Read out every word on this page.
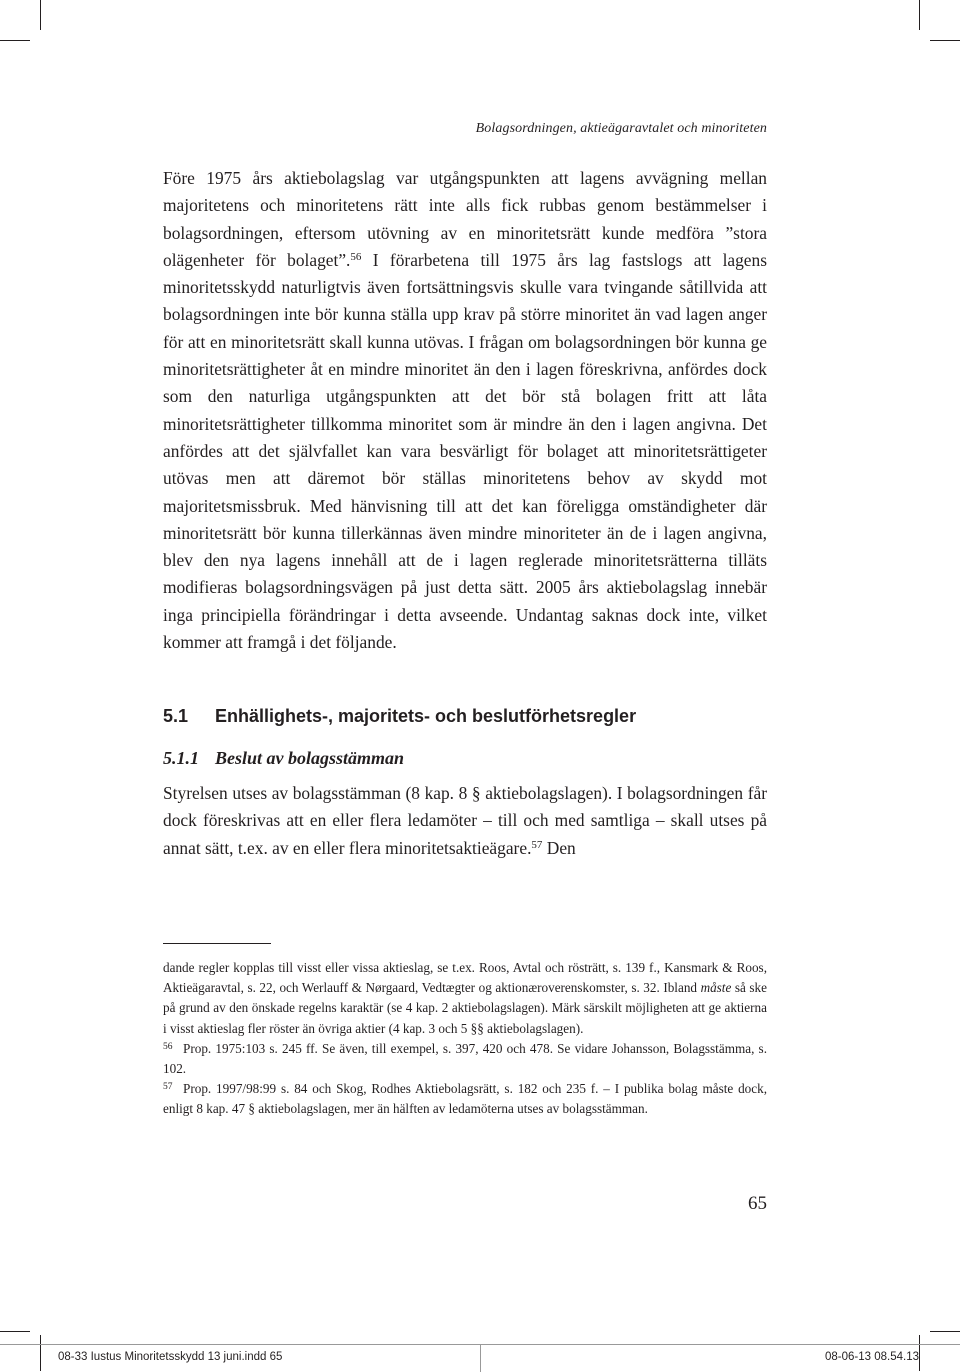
Bolagsordningen, aktieägaravtalet och minoriteten

Före 1975 års aktiebolagslag var utgångspunkten att lagens avvägning mellan majoritetens och minoritetens rätt inte alls fick rubbas genom bestämmelser i bolagsordningen, eftersom utövning av en minoritetsrätt kunde medföra ”stora olägenheter för bolaget”.$^{56}$ I förarbetena till 1975 års lag fastslogs att lagens minoritetsskydd naturligtvis även fortsättningsvis skulle vara tvingande såtillvida att bolagsordningen inte bör kunna ställa upp krav på större minoritet än vad lagen anger för att en minoritetsrätt skall kunna utövas. I frågan om bolagsordningen bör kunna ge minoritetsrättigheter åt en mindre minoritet än den i lagen föreskrivna, anfördes dock som den naturliga utgångspunkten att det bör stå bolagen fritt att låta minoritetsrättigheter tillkomma minoritet som är mindre än den i lagen angivna. Det anfördes att det självfallet kan vara besvärligt för bolaget att minoritetsrättigeter utövas men att däremot bör ställas minoritetens behov av skydd mot majoritetsmissbruk. Med hänvisning till att det kan föreligga omständigheter där minoritetsrätt bör kunna tillerkännas även mindre minoriteter än de i lagen angivna, blev den nya lagens innehåll att de i lagen reglerade minoritetsrätterna tilläts modifieras bolagsordningsvägen på just detta sätt. 2005 års aktiebolagslag innebär inga principiella förändringar i detta avseende. Undantag saknas dock inte, vilket kommer att framgå i det följande.

5.1 Enhällighets-, majoritets- och beslutförhetsregler
5.1.1 Beslut av bolagsstämman

Styrelsen utses av bolagsstämman (8 kap. 8 § aktiebolagslagen). I bolagsordningen får dock föreskrivas att en eller flera ledamöter – till och med samtliga – skall utses på annat sätt, t.ex. av en eller flera minoritetsaktieägare.$^{57}$ Den

dande regler kopplas till visst eller vissa aktieslag, se t.ex. Roos, Avtal och rösträtt, s. 139 f., Kansmark & Roos, Aktieägaravtal, s. 22, och Werlauff & Nørgaard, Vedtægter og aktionæroverenskomster, s. 32. Ibland måste så ske på grund av den önskade regelns karaktär (se 4 kap. 2 aktiebolagslagen). Märk särskilt möjligheten att ge aktierna i visst aktieslag fler röster än övriga aktier (4 kap. 3 och 5 §§ aktiebolagslagen).

56 Prop. 1975:103 s. 245 ff. Se även, till exempel, s. 397, 420 och 478. Se vidare Johansson, Bolagsstämma, s. 102.

57 Prop. 1997/98:99 s. 84 och Skog, Rodhes Aktiebolagsrätt, s. 182 och 235 f. – I publika bolag måste dock, enligt 8 kap. 47 § aktiebolagslagen, mer än hälften av ledamöterna utses av bolagsstämman.

65
08-33 Iustus Minoritetsskydd 13 juni.indd 65	08-06-13 08.54.13
